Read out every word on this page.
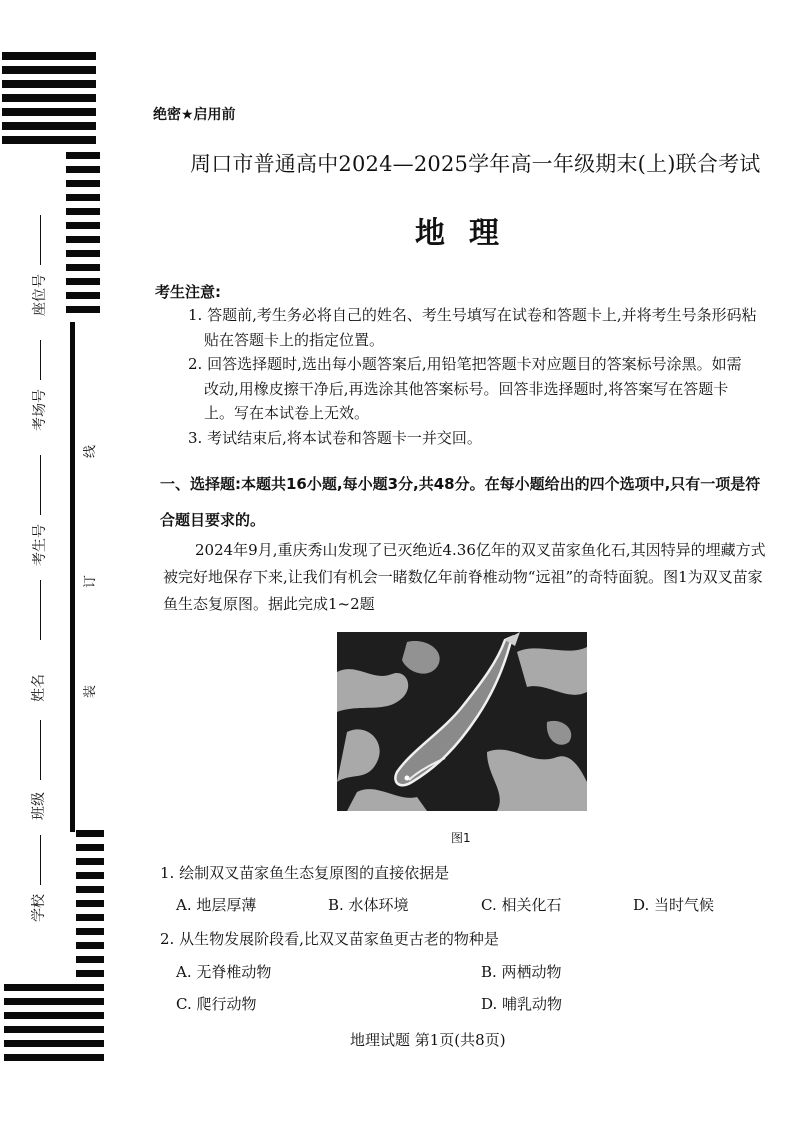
座位号
考场号
考生号
姓名
班级
学校
线
订
装
绝密★启用前
周口市普通高中2024—2025学年高一年级期末(上)联合考试
地理
考生注意:

1. 答题前,考生务必将自己的姓名、考生号填写在试卷和答题卡上,并将考生号条形码粘

贴在答题卡上的指定位置。

2. 回答选择题时,选出每小题答案后,用铅笔把答题卡对应题目的答案标号涂黑。如需

改动,用橡皮擦干净后,再选涂其他答案标号。回答非选择题时,将答案写在答题卡

上。写在本试卷上无效。

3. 考试结束后,将本试卷和答题卡一并交回。

一、选择题:本题共16小题,每小题3分,共48分。在每小题给出的四个选项中,只有一项是符合题目要求的。
2024年9月,重庆秀山发现了已灭绝近4.36亿年的双叉苗家鱼化石,其因特异的埋藏方式被完好地保存下来,让我们有机会一睹数亿年前脊椎动物“远祖”的奇特面貌。图1为双叉苗家鱼生态复原图。据此完成1~2题
图1
1. 绘制双叉苗家鱼生态复原图的直接依据是
A. 地层厚薄	B. 水体环境	C. 相关化石	D. 当时气候
2. 从生物发展阶段看,比双叉苗家鱼更古老的物种是
A. 无脊椎动物	B. 两栖动物
C. 爬行动物	D. 哺乳动物
地理试题 第1页(共8页)
